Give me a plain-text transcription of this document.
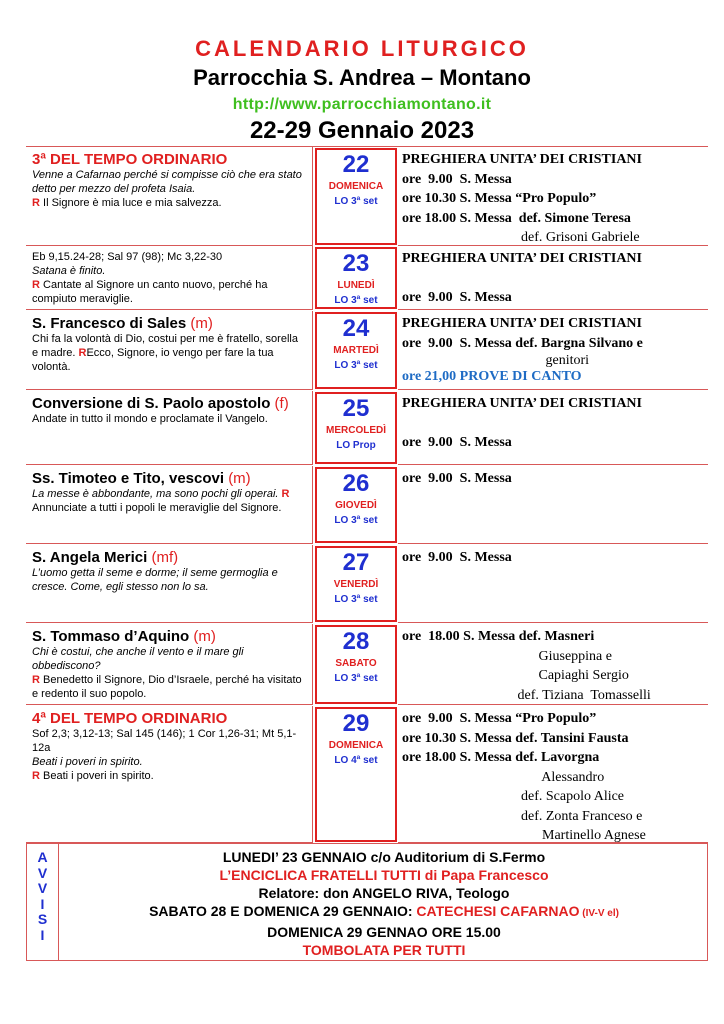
CALENDARIO LITURGICO
Parrocchia S. Andrea – Montano
http://www.parrocchiamontano.it
22-29 Gennaio 2023
3ª DEL TEMPO ORDINARIO
Venne a Cafarnao perché si compisse ciò che era stato detto per mezzo del profeta Isaia.
R Il Signore è mia luce e mia salvezza.
22
DOMENICA
LO 3ª set
PREGHIERA UNITA’ DEI CRISTIANI
ore  9.00  S. Messa
ore 10.30 S. Messa “Pro Populo”
ore 18.00 S. Messa  def. Simone Teresa
def. Grisoni Gabriele
Eb 9,15.24-28; Sal 97 (98); Mc 3,22-30
Satana è finito.
R Cantate al Signore un canto nuovo, perché ha compiuto meraviglie.
23
LUNEDÌ
LO 3ª set
PREGHIERA UNITA’ DEI CRISTIANI
ore  9.00  S. Messa
S. Francesco di Sales (m)
Chi fa la volontà di Dio, costui per me è fratello, sorella e madre. REcco, Signore, io vengo per fare la tua volontà.
24
MARTEDÌ
LO 3ª set
PREGHIERA UNITA’ DEI CRISTIANI
ore  9.00  S. Messa def. Bargna Silvano e
genitori
ore 21,00 PROVE DI CANTO
Conversione di S. Paolo apostolo (f)
Andate in tutto il mondo e proclamate il Vangelo.	25
MERCOLEDÌ
LO Prop
PREGHIERA UNITA’ DEI CRISTIANI
ore  9.00  S. Messa
Ss. Timoteo e Tito, vescovi (m)
La messe è abbondante, ma sono pochi gli operai. R Annunciate a tutti i popoli le meraviglie del Signore.
26
GIOVEDÌ
LO 3ª set
ore  9.00  S. Messa
S. Angela Merici (mf)
L’uomo getta il seme e dorme; il seme germoglia e cresce. Come, egli stesso non lo sa.
27
VENERDÌ
LO 3ª set
ore  9.00  S. Messa
S. Tommaso d’Aquino (m)
Chi è costui, che anche il vento e il mare gli obbediscono?
R Benedetto il Signore, Dio d’Israele, perché ha visitato e redento il suo popolo.
28
SABATO
LO 3ª set
ore  18.00 S. Messa def. Masneri
Giuseppina e
Capiaghi Sergio
def. Tiziana  Tomasselli
4ª DEL TEMPO ORDINARIO
Sof 2,3; 3,12-13; Sal 145 (146); 1 Cor 1,26-31; Mt 5,1-12a
Beati i poveri in spirito.
R Beati i poveri in spirito.
29
DOMENICA
LO 4ª set
ore  9.00  S. Messa “Pro Populo”
ore 10.30 S. Messa def. Tansini Fausta
ore 18.00 S. Messa def. Lavorgna
Alessandro
def. Scapolo Alice
def. Zonta Franceso e
Martinello Agnese
A
V
V
I
S
I
LUNEDI’ 23 GENNAIO c/o Auditorium di S.Fermo
L’ENCICLICA FRATELLI TUTTI di Papa Francesco
Relatore: don ANGELO RIVA, Teologo
SABATO 28 E DOMENICA 29 GENNAIO: CATECHESI CAFARNAO (IV-V el)
DOMENICA 29 GENNAO ORE 15.00
TOMBOLATA PER TUTTI
